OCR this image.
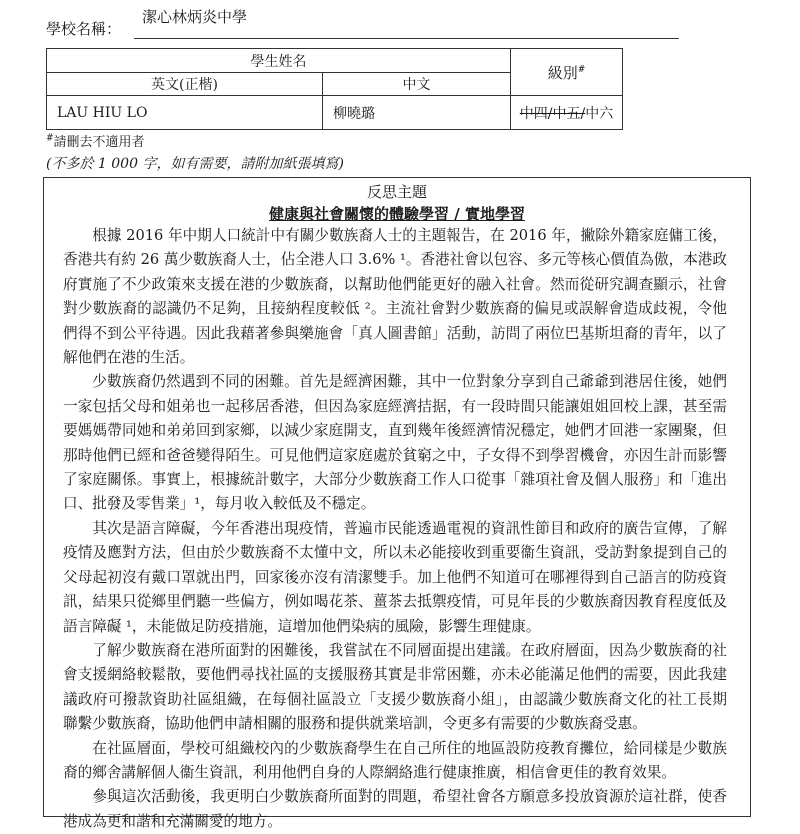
學校名稱：
潔心林炳炎中學
學生姓名		級別#
英文(正楷)	中文	
LAU HIU LO	柳曉璐	中四/中五/中六
#請刪去不適用者
(不多於 1 000 字，如有需要，請附加紙張填寫)
反思主題
健康與社會關懷的體驗學習 / 實地學習

根據 2016 年中期人口統計中有關少數族裔人士的主題報告，在 2016 年，撇除外籍家庭傭工後，香港共有約 26 萬少數族裔人士，佔全港人口 3.6% ¹。香港社會以包容、多元等核心價值為傲，本港政府實施了不少政策來支援在港的少數族裔，以幫助他們能更好的融入社會。然而從研究調查顯示，社會對少數族裔的認識仍不足夠，且接納程度較低 ²。主流社會對少數族裔的偏見或誤解會造成歧視，令他們得不到公平待遇。因此我藉著參與樂施會「真人圖書館」活動，訪問了兩位巴基斯坦裔的青年，以了解他們在港的生活。

少數族裔仍然遇到不同的困難。首先是經濟困難，其中一位對象分享到自己爺爺到港居住後，她們一家包括父母和姐弟也一起移居香港，但因為家庭經濟拮据，有一段時間只能讓姐姐回校上課，甚至需要媽媽帶同她和弟弟回到家鄉，以減少家庭開支，直到幾年後經濟情況穩定，她們才回港一家團聚，但那時他們已經和爸爸變得陌生。可見他們這家庭處於貧窮之中，子女得不到學習機會，亦因生計而影響了家庭關係。事實上，根據統計數字，大部分少數族裔工作人口從事「雜項社會及個人服務」和「進出口、批發及零售業」¹，每月收入較低及不穩定。

其次是語言障礙，今年香港出現疫情，普遍市民能透過電視的資訊性節目和政府的廣告宣傳，了解疫情及應對方法，但由於少數族裔不太懂中文，所以未必能接收到重要衞生資訊，受訪對象提到自己的父母起初沒有戴口罩就出門，回家後亦沒有清潔雙手。加上他們不知道可在哪裡得到自己語言的防疫資訊，結果只從鄉里們聽一些偏方，例如喝花茶、薑茶去抵禦疫情，可見年長的少數族裔因教育程度低及語言障礙 ¹，未能做足防疫措施，這增加他們染病的風險，影響生理健康。

了解少數族裔在港所面對的困難後，我嘗試在不同層面提出建議。在政府層面，因為少數族裔的社會支援網絡較鬆散，要他們尋找社區的支援服務其實是非常困難，亦未必能滿足他們的需要，因此我建議政府可撥款資助社區組織，在每個社區設立「支援少數族裔小組」，由認識少數族裔文化的社工長期聯繫少數族裔，協助他們申請相關的服務和提供就業培訓，令更多有需要的少數族裔受惠。

在社區層面，學校可組織校內的少數族裔學生在自己所住的地區設防疫教育攤位，給同樣是少數族裔的鄉舍講解個人衞生資訊，利用他們自身的人際網絡進行健康推廣，相信會更佳的教育效果。

參與這次活動後，我更明白少數族裔所面對的問題，希望社會各方願意多投放資源於這社群，使香港成為更和諧和充滿關愛的地方。
